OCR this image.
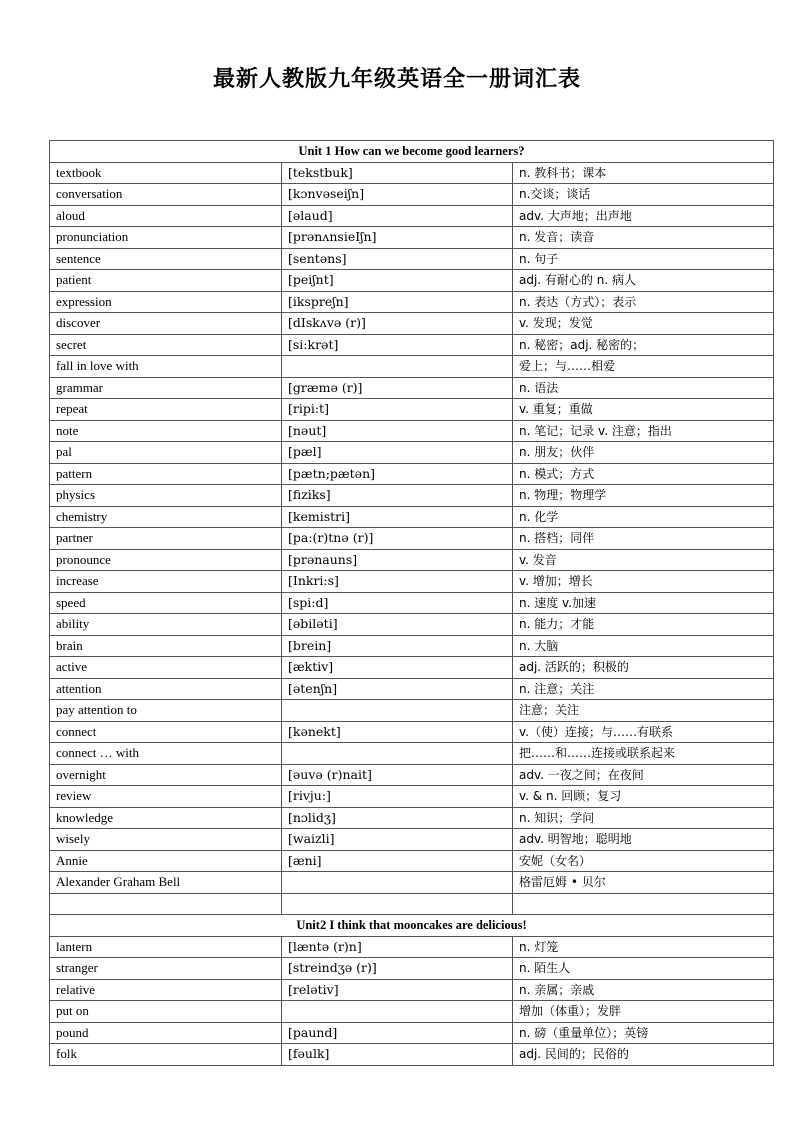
最新人教版九年级英语全一册词汇表
Unit 1 How can we become good learners?		
textbook	[tekstbuk]	n. 教科书；课本
conversation	[kɔnvəseiʃn]	n.交谈；谈话
aloud	[əlaud]	adv. 大声地；出声地
pronunciation	[prənʌnsieIʃn]	n. 发音；读音
sentence	[sentəns]	n. 句子
patient	[peiʃnt]	adj. 有耐心的 n. 病人
expression	[ikspreʃn]	n. 表达（方式）；表示
discover	[dIskʌvə (r)]	v. 发现；发觉
secret	[si:krət]	n. 秘密；adj. 秘密的；
fall in love with		爱上；与……相爱
grammar	[græmə (r)]	n. 语法
repeat	[ripi:t]	v. 重复；重做
note	[nəut]	n. 笔记；记录 v. 注意；指出
pal	[pæl]	n. 朋友；伙伴
pattern	[pætn;pætən]	n. 模式；方式
physics	[fiziks]	n. 物理；物理学
chemistry	[kemistri]	n. 化学
partner	[pa:(r)tnə (r)]	n. 搭档；同伴
pronounce	[prənauns]	v. 发音
increase	[Inkri:s]	v. 增加；增长
speed	[spi:d]	n. 速度 v.加速
ability	[əbiləti]	n. 能力；才能
brain	[brein]	n. 大脑
active	[æktiv]	adj. 活跃的；积极的
attention	[ətenʃn]	n. 注意；关注
pay attention to		注意；关注
connect	[kənekt]	v.（使）连接；与……有联系
connect … with		把……和……连接或联系起来
overnight	[əuvə (r)nait]	adv. 一夜之间；在夜间
review	[rivju:]	v. & n. 回顾；复习
knowledge	[nɔlidʒ]	n. 知识；学问
wisely	[waizli]	adv. 明智地；聪明地
Annie	[æni]	安妮（女名）
Alexander Graham Bell		格雷厄姆 • 贝尔

Unit2 I think that mooncakes are delicious!		
lantern	[læntə (r)n]	n. 灯笼
stranger	[streindʒə (r)]	n. 陌生人
relative	[relətiv]	n. 亲属；亲戚
put on		增加（体重）；发胖
pound	[paund]	n. 磅（重量单位）；英镑
folk	[fəulk]	adj. 民间的；民俗的
